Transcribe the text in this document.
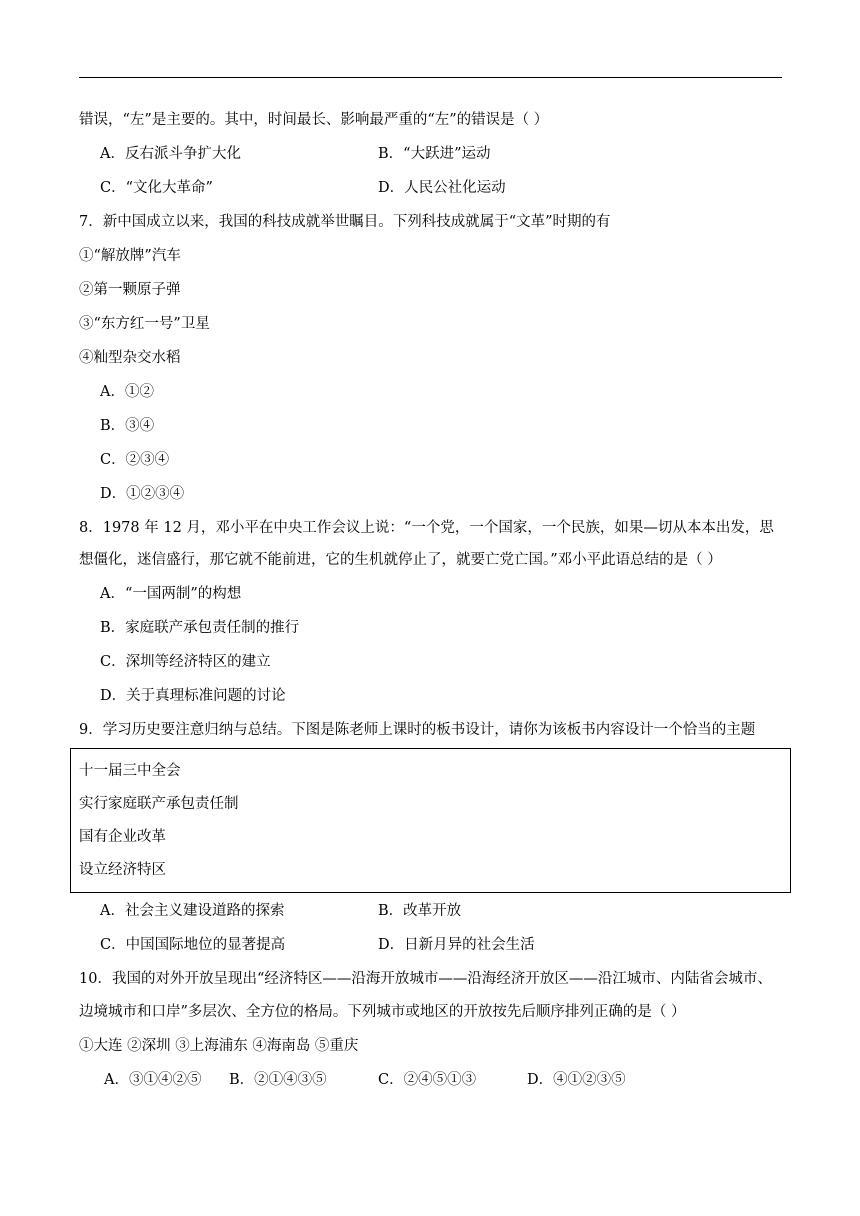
错误，“左”是主要的。其中，时间最长、影响最严重的“左”的错误是（ ）
A．反右派斗争扩大化	B．“大跃进”运动
C．“文化大革命”	D．人民公社化运动
7．新中国成立以来，我国的科技成就举世瞩目。下列科技成就属于“文革”时期的有
①“解放牌”汽车
②第一颗原子弹
③“东方红一号”卫星
④籼型杂交水稻
A．①②
B．③④
C．②③④
D．①②③④
8．1978 年 12 月，邓小平在中央工作会议上说：“一个党，一个国家，一个民族，如果—切从本本出发，思
想僵化，迷信盛行，那它就不能前进，它的生机就停止了，就要亡党亡国。”邓小平此语总结的是（ ）
A．“一国两制”的构想
B．家庭联产承包责任制的推行
C．深圳等经济特区的建立
D．关于真理标准问题的讨论
9．学习历史要注意归纳与总结。下图是陈老师上课时的板书设计，请你为该板书内容设计一个恰当的主题
十一届三中全会
实行家庭联产承包责任制
国有企业改革
设立经济特区
A．社会主义建设道路的探索	B．改革开放
C．中国国际地位的显著提高	D．日新月异的社会生活
10．我国的对外开放呈现出“经济特区——沿海开放城市——沿海经济开放区——沿江城市、内陆省会城市、
边境城市和口岸”多层次、全方位的格局。下列城市或地区的开放按先后顺序排列正确的是（ ）
①大连 ②深圳 ③上海浦东 ④海南岛 ⑤重庆
A．③①④②⑤ B．②①④③⑤	C．②④⑤①③	D．④①②③⑤
